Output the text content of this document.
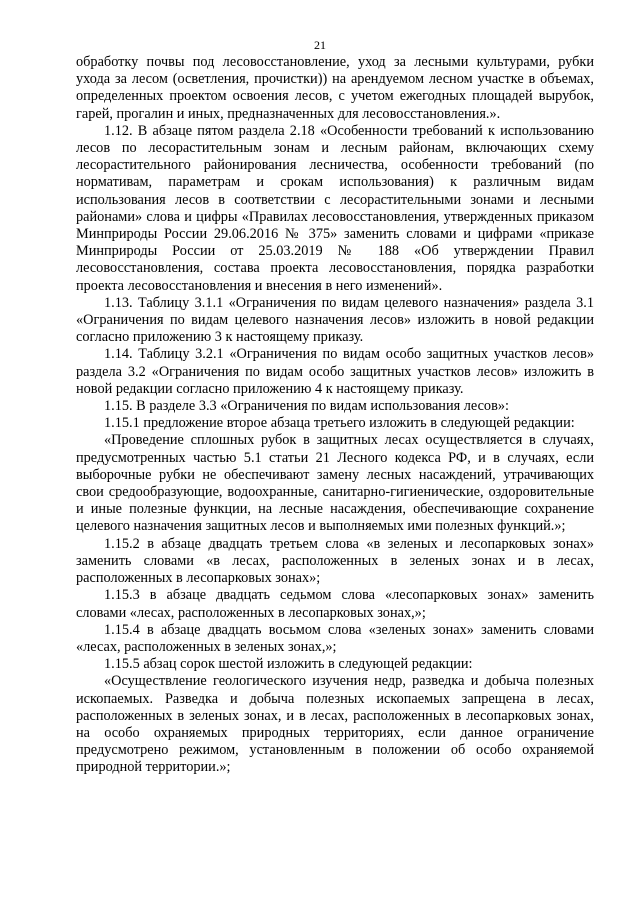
21

обработку почвы под лесовосстановление, уход за лесными культурами, рубки ухода за лесом (осветления, прочистки)) на арендуемом лесном участке в объемах, определенных проектом освоения лесов, с учетом ежегодных площадей вырубок, гарей, прогалин и иных, предназначенных для лесовосстановления.».

1.12. В абзаце пятом раздела 2.18 «Особенности требований к использованию лесов по лесорастительным зонам и лесным районам, включающих схему лесорастительного районирования лесничества, особенности требований (по нормативам, параметрам и срокам использования) к различным видам использования лесов в соответствии с лесорастительными зонами и лесными районами» слова и цифры «Правилах лесовосстановления, утвержденных приказом Минприроды России 29.06.2016 № 375» заменить словами и цифрами «приказе Минприроды России от 25.03.2019 № 188 «Об утверждении Правил лесовосстановления, состава проекта лесовосстановления, порядка разработки проекта лесовосстановления и внесения в него изменений».

1.13. Таблицу 3.1.1 «Ограничения по видам целевого назначения» раздела 3.1 «Ограничения по видам целевого назначения лесов» изложить в новой редакции согласно приложению 3 к настоящему приказу.

1.14. Таблицу 3.2.1 «Ограничения по видам особо защитных участков лесов» раздела 3.2 «Ограничения по видам особо защитных участков лесов» изложить в новой редакции согласно приложению 4 к настоящему приказу.

1.15. В разделе 3.3 «Ограничения по видам использования лесов»:

1.15.1 предложение второе абзаца третьего изложить в следующей редакции:

«Проведение сплошных рубок в защитных лесах осуществляется в случаях, предусмотренных частью 5.1 статьи 21 Лесного кодекса РФ, и в случаях, если выборочные рубки не обеспечивают замену лесных насаждений, утрачивающих свои средообразующие, водоохранные, санитарно-гигиенические, оздоровительные и иные полезные функции, на лесные насаждения, обеспечивающие сохранение целевого назначения защитных лесов и выполняемых ими полезных функций.»;

1.15.2 в абзаце двадцать третьем слова «в зеленых и лесопарковых зонах» заменить словами «в лесах, расположенных в зеленых зонах и в лесах, расположенных в лесопарковых зонах»;

1.15.3 в абзаце двадцать седьмом слова «лесопарковых зонах» заменить словами «лесах, расположенных в лесопарковых зонах,»;

1.15.4 в абзаце двадцать восьмом слова «зеленых зонах» заменить словами «лесах, расположенных в зеленых зонах,»;

1.15.5 абзац сорок шестой изложить в следующей редакции:

«Осуществление геологического изучения недр, разведка и добыча полезных ископаемых. Разведка и добыча полезных ископаемых запрещена в лесах, расположенных в зеленых зонах, и в лесах, расположенных в лесопарковых зонах, на особо охраняемых природных территориях, если данное ограничение предусмотрено режимом, установленным в положении об особо охраняемой природной территории.»;
